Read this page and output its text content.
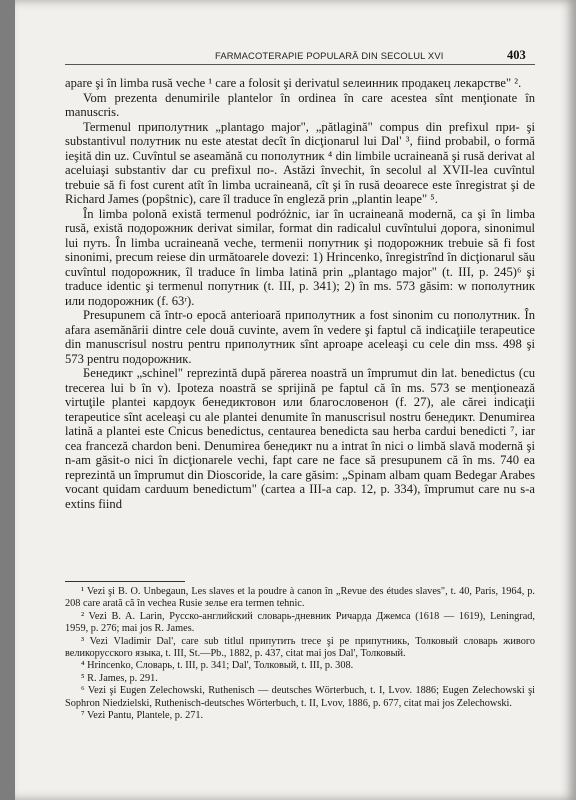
FARMACOTERAPIE POPULARĂ DIN SECOLUL XVI	403

apare şi în limba rusă veche ¹ care a folosit şi derivatul ѕелеинник продакец лекарстве" ².

Vom prezenta denumirile plantelor în ordinea în care acestea sînt menţionate în manuscris.

Termenul приполутник „plantago major", „pătlagină" compus din prefixul при- şi substantivul полутник nu este atestat decît în dicţionarul lui Dal' ³, fiind probabil, o formă ieşită din uz. Cuvîntul se aseamănă cu пополутник ⁴ din limbile ucraineană şi rusă derivat al aceluiaşi substantiv dar cu prefixul по-. Astăzi învechit, în secolul al XVII-lea cuvîntul trebuie să fi fost curent atît în limba ucraineană, cît şi în rusă deoarece este înregistrat şi de Richard James (popŝtnic), care îl traduce în engleză prin „plantin leape" ⁵.

În limba polonă există termenul podróżnic, iar în ucraineană modernă, ca şi în limba rusă, există подорожник derivat similar, format din radicalul cuvîntului дорога, sinonimul lui путь. În limba ucraineană veche, termenii попутник şi подорожник trebuie să fi fost sinonimi, precum reiese din următoarele dovezi: 1) Hrincenko, înregistrînd în dicţionarul său cuvîntul подорожник, îl traduce în limba latină prin „plantago major" (t. III, p. 245)⁶ şi traduce identic şi termenul попутник (t. III, p. 341); 2) în ms. 573 găsim: w пополутник или подорожник (f. 63ʳ).

Presupunem că într-o epocă anterioară приполутник a fost sinonim cu пополутник. În afara asemănării dintre cele două cuvinte, avem în vedere şi faptul că indicaţiile terapeutice din manuscrisul nostru pentru приполутник sînt aproape aceleaşi cu cele din mss. 498 şi 573 pentru подорожник.

Бенедикт „schinel" reprezintă după părerea noastră un împrumut din lat. benedictus (cu trecerea lui b în v). Ipoteza noastră se sprijină pe faptul că în ms. 573 se menţionează virtuţile plantei кардоук бенедиктовон или благословенон (f. 27), ale cărei indicaţii terapeutice sînt aceleaşi cu ale plantei denumite în manuscrisul nostru бенедикт. Denumirea latină a plantei este Cnicus benedictus, centaurea benedicta sau herba cardui benedicti ⁷, iar cea franceză chardon beni. Denumirea бенедикт nu a intrat în nici o limbă slavă modernă şi n-am găsit-o nici în dicţionarele vechi, fapt care ne face să presupunem că în ms. 740 ea reprezintă un împrumut din Dioscoride, la care găsim: „Spinam albam quam Bedegar Arabes vocant quidam carduum benedictum" (cartea a III-a cap. 12, p. 334), împrumut care nu s-a extins fiind

¹ Vezi şi B. O. Unbegaun, Les slaves et la poudre à canon în „Revue des études slaves", t. 40, Paris, 1964, p. 208 care arată că în vechea Rusie зелье era termen tehnic.

² Vezi B. A. Larin, Русско-английский словарь-дневник Ричарда Джемса (1618 — 1619), Leningrad, 1959, p. 276; mai jos R. James.

³ Vezi Vladimir Dal', care sub titlul припутить trece şi pe припутникь, Толковый словарь живого великорусского языка, t. III, St.—Pb., 1882, p. 437, citat mai jos Dal', Толковый.

⁴ Hrincenko, Словарь, t. III, p. 341; Dal', Толковый, t. III, p. 308.

⁵ R. James, p. 291.

⁶ Vezi şi Eugen Zelechowski, Ruthenisch — deutsches Wörterbuch, t. I, Lvov. 1886; Eugen Zelechowski şi Sophron Niedzielski, Ruthenisch-deutsches Wörterbuch, t. II, Lvov, 1886, p. 677, citat mai jos Zelechowski.

⁷ Vezi Pantu, Plantele, p. 271.
